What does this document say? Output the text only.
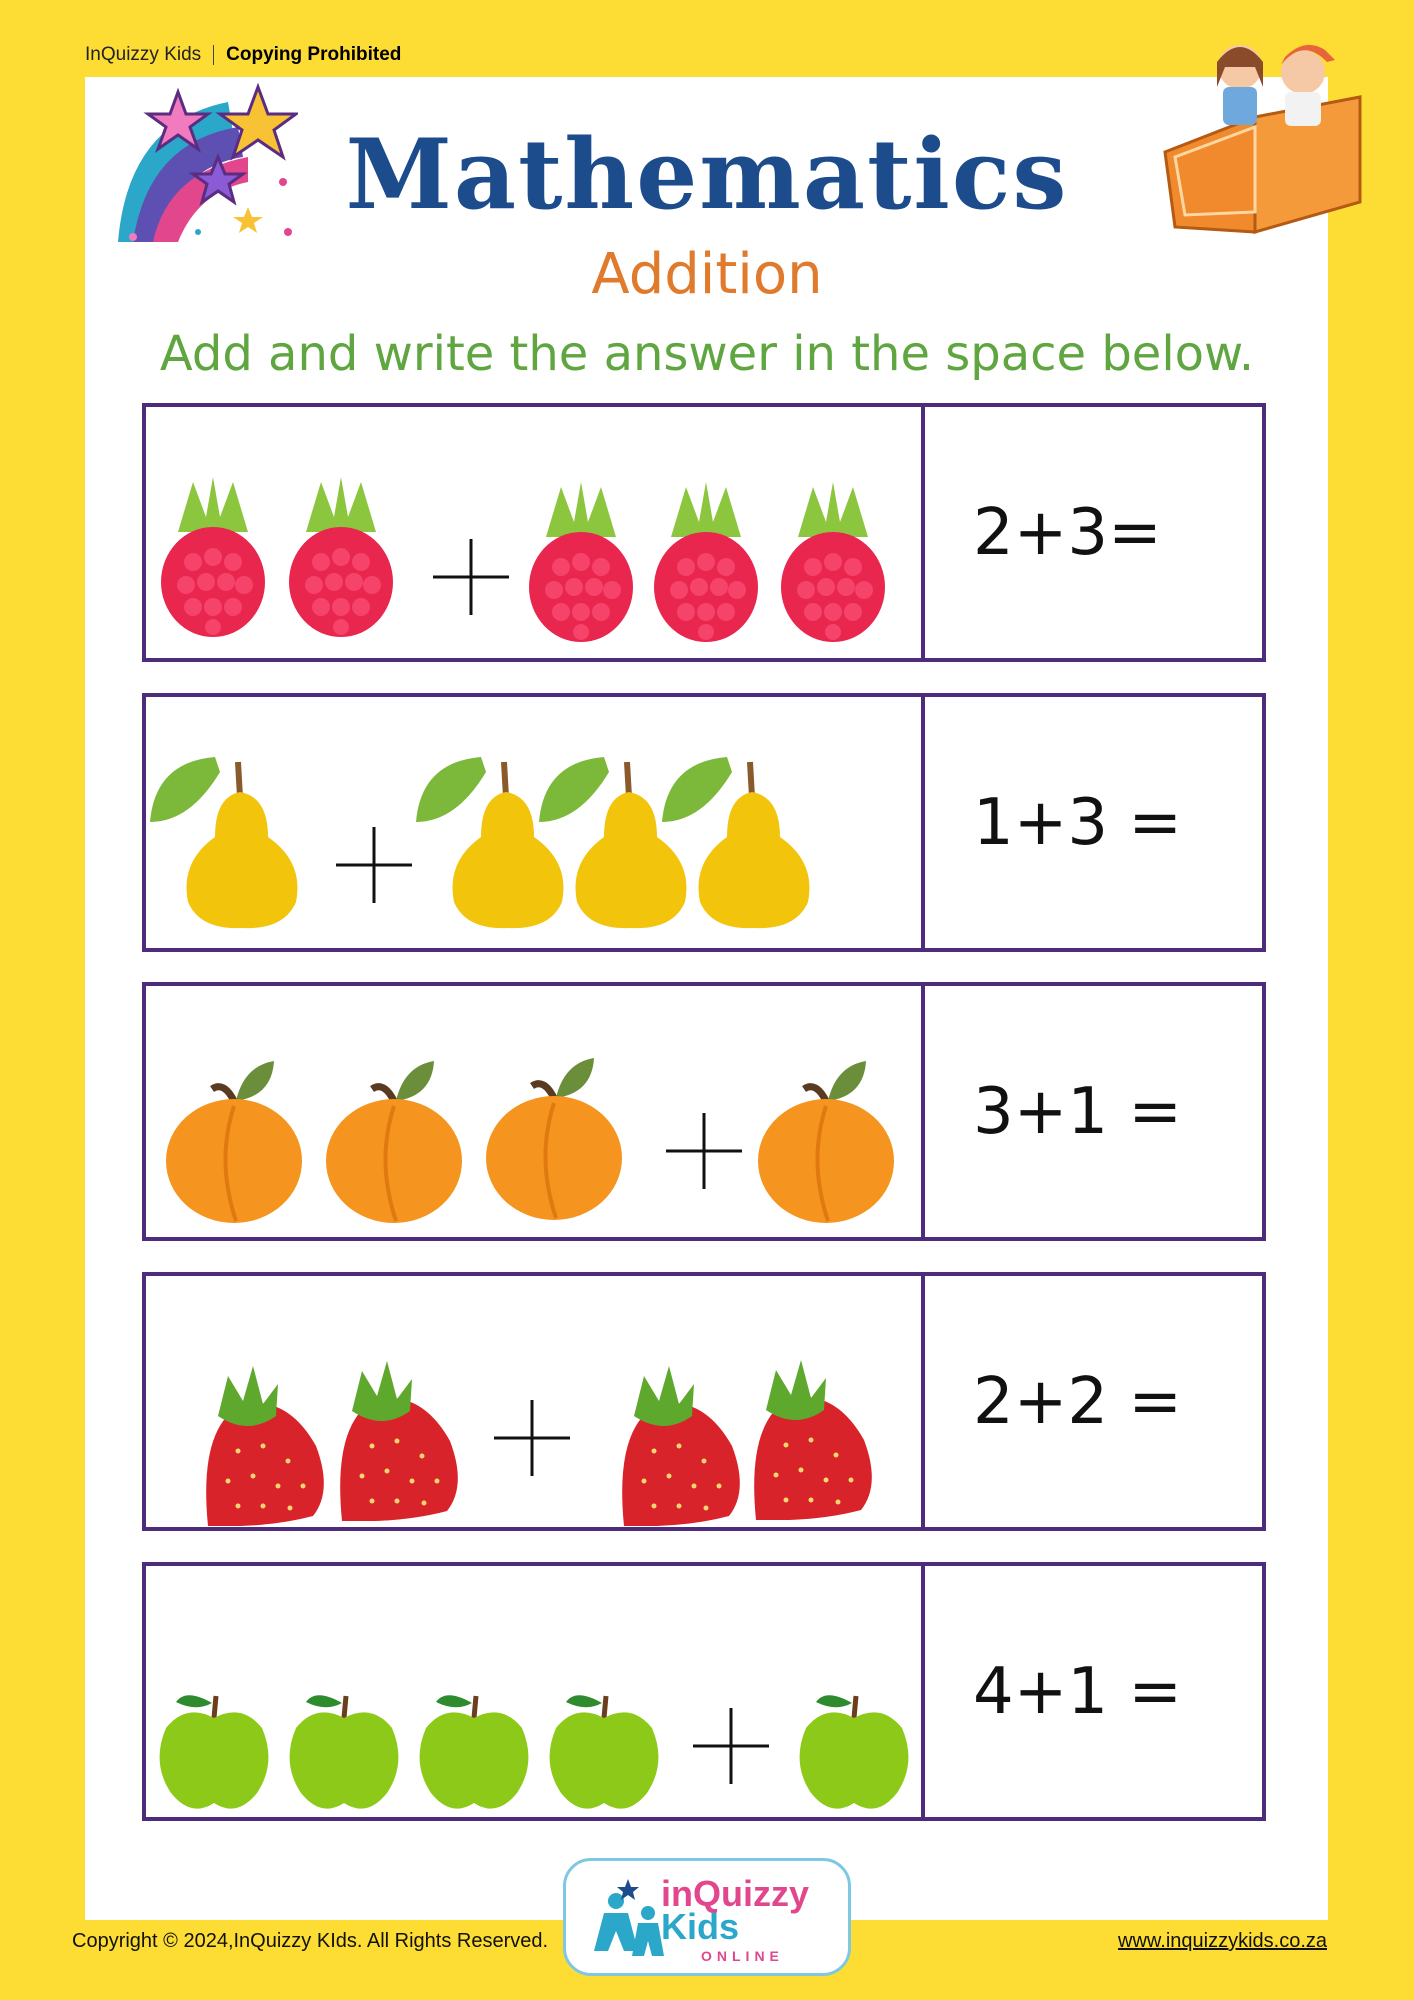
InQuizzy Kids Copying Prohibited
Mathematics
Addition
Add and write the answer in the space below.
2+3=
1+3 =
3+1 =
2+2 =
4+1 =
inQuizzy
Kids
ONLINE
Copyright © 2024,InQuizzy KIds. All Rights Reserved.	www.inquizzykids.co.za
